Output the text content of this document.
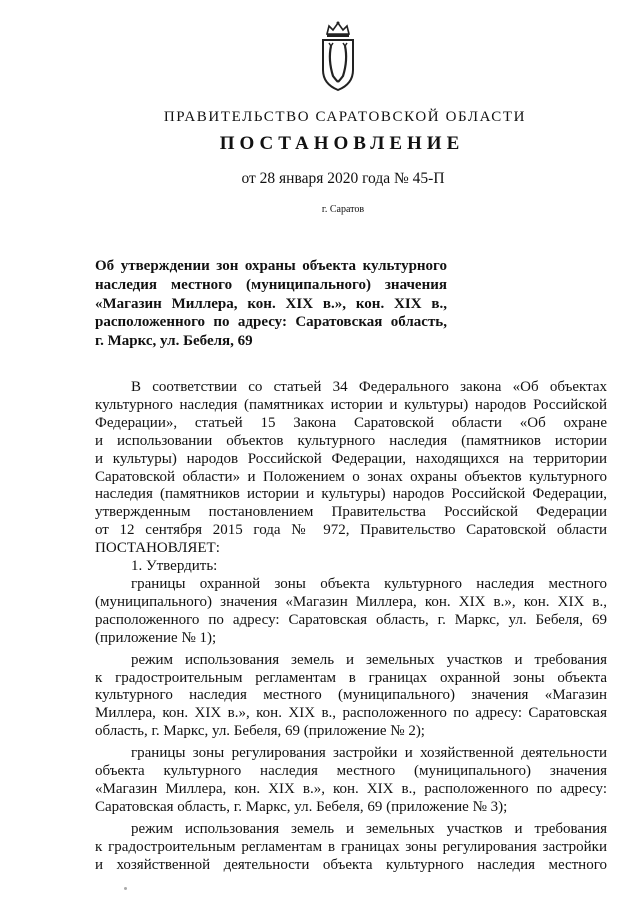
ПРАВИТЕЛЬСТВО САРАТОВСКОЙ ОБЛАСТИ
ПОСТАНОВЛЕНИЕ
от 28 января 2020 года № 45-П
г. Саратов
Об утверждении зон охраны объекта культурного
наследия местного (муниципального) значения
«Магазин Миллера, кон. XIX в.», кон. XIX в.,
расположенного по адресу: Саратовская область,
г. Маркс, ул. Бебеля, 69
В соответствии со статьей 34 Федерального закона «Об объектах
культурного наследия (памятниках истории и культуры) народов Российской
Федерации», статьей 15 Закона Саратовской области «Об охране
и использовании объектов культурного наследия (памятников истории
и культуры) народов Российской Федерации, находящихся на территории
Саратовской области» и Положением о зонах охраны объектов культурного
наследия (памятников истории и культуры) народов Российской Федерации,
утвержденным постановлением Правительства Российской Федерации
от 12 сентября 2015 года № 972, Правительство Саратовской области
ПОСТАНОВЛЯЕТ:
1. Утвердить:
границы охранной зоны объекта культурного наследия местного
(муниципального) значения «Магазин Миллера, кон. XIX в.», кон. XIX в.,
расположенного по адресу: Саратовская область, г. Маркс, ул. Бебеля, 69
(приложение № 1);
режим использования земель и земельных участков и требования
к градостроительным регламентам в границах охранной зоны объекта
культурного наследия местного (муниципального) значения «Магазин
Миллера, кон. XIX в.», кон. XIX в., расположенного по адресу: Саратовская
область, г. Маркс, ул. Бебеля, 69 (приложение № 2);
границы зоны регулирования застройки и хозяйственной деятельности
объекта культурного наследия местного (муниципального) значения
«Магазин Миллера, кон. XIX в.», кон. XIX в., расположенного по адресу:
Саратовская область, г. Маркс, ул. Бебеля, 69 (приложение № 3);
режим использования земель и земельных участков и требования
к градостроительным регламентам в границах зоны регулирования застройки
и хозяйственной деятельности объекта культурного наследия местного
